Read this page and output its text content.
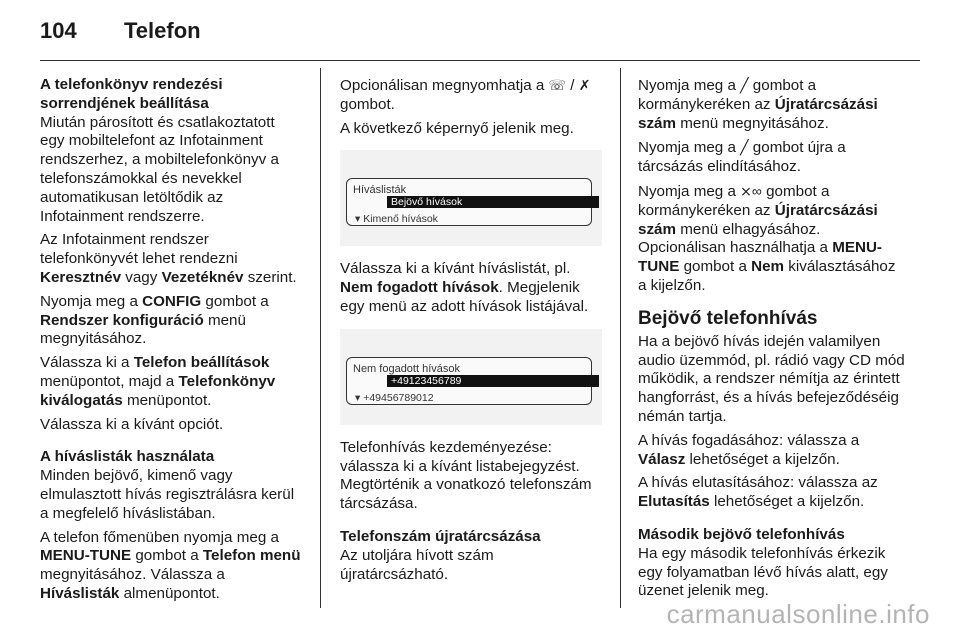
104 Telefon

A telefonkönyv rendezési sorrendjének beállítása

Miután párosított és csatlakoztatott egy mobiltelefont az Infotainment rendszerhez, a mobiltelefonkönyv a telefonszámokkal és nevekkel automatikusan letöltődik az Infotainment rendszerre.

Az Infotainment rendszer telefonkönyvét lehet rendezni Keresztnév vagy Vezetéknév szerint.

Nyomja meg a CONFIG gombot a Rendszer konfiguráció menü megnyitásához.

Válassza ki a Telefon beállítások menüpontot, majd a Telefonkönyv kiválogatás menüpontot.

Válassza ki a kívánt opciót.

A híváslisták használata

Minden bejövő, kimenő vagy elmulasztott hívás regisztrálásra kerül a megfelelő híváslistában.

A telefon főmenüben nyomja meg a MENU-TUNE gombot a Telefon menü megnyitásához. Válassza a Híváslisták almenüpontot.

Opcionálisan megnyomhatja a ☏ / ✗
gombot.

A következő képernyő jelenik meg.

Híváslisták
Bejövő hívások
▾ Kimenő hívások

Válassza ki a kívánt híváslistát, pl. Nem fogadott hívások. Megjelenik egy menü az adott hívások listájával.

Nem fogadott hívások
+49123456789
▾ +49456789012

Telefonhívás kezdeményezése: válassza ki a kívánt listabejegyzést. Megtörténik a vonatkozó telefonszám tárcsázása.

Telefonszám újratárcsázása

Az utoljára hívott szám újratárcsázható.

Nyomja meg a ╱ gombot a kormánykeréken az Újratárcsázási szám menü megnyitásához.

Nyomja meg a ╱ gombot újra a tárcsázás elindításához.

Nyomja meg a ⨯∞ gombot a kormánykeréken az Újratárcsázási szám menü elhagyásához.

Opcionálisan használhatja a MENU-TUNE gombot a Nem kiválasztásához a kijelzőn.

Bejövő telefonhívás

Ha a bejövő hívás idején valamilyen audio üzemmód, pl. rádió vagy CD mód működik, a rendszer némítja az érintett hangforrást, és a hívás befejeződéséig némán tartja.

A hívás fogadásához: válassza a Válasz lehetőséget a kijelzőn.

A hívás elutasításához: válassza az Elutasítás lehetőséget a kijelzőn.

Második bejövő telefonhívás

Ha egy második telefonhívás érkezik egy folyamatban lévő hívás alatt, egy üzenet jelenik meg.

carmanualsonline.info
